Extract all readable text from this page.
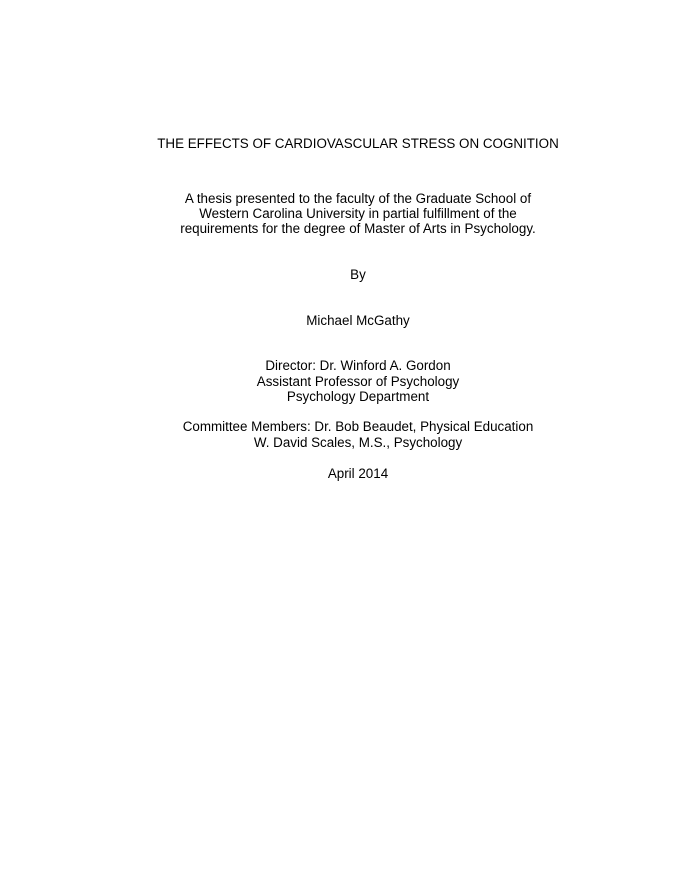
THE EFFECTS OF CARDIOVASCULAR STRESS ON COGNITION
A thesis presented to the faculty of the Graduate School of
Western Carolina University in partial fulfillment of the
requirements for the degree of Master of Arts in Psychology.
By
Michael McGathy
Director: Dr. Winford A. Gordon
Assistant Professor of Psychology
Psychology Department
Committee Members: Dr. Bob Beaudet, Physical Education
W. David Scales, M.S., Psychology
April 2014
